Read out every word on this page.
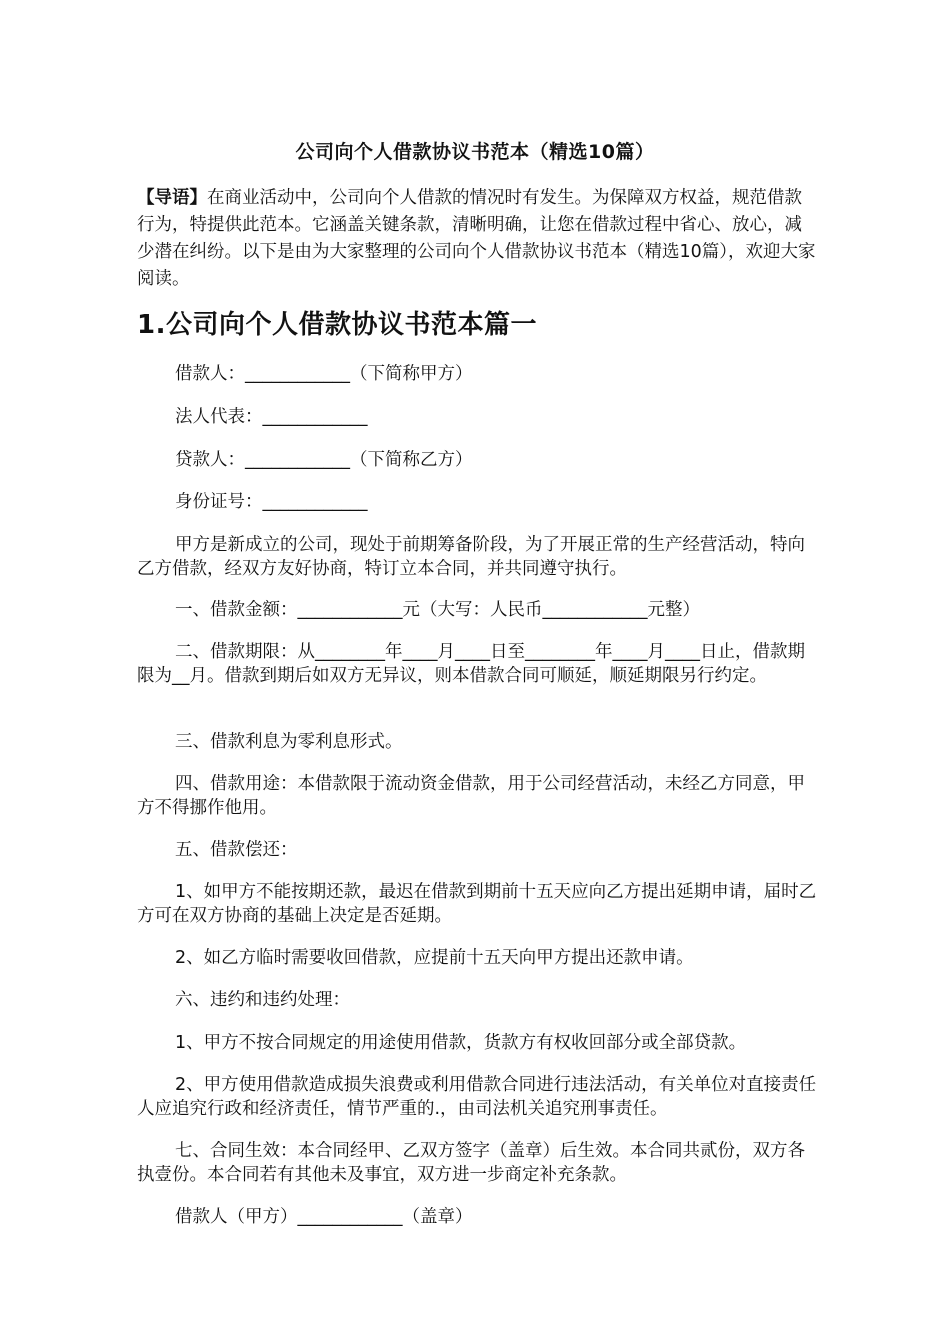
公司向个人借款协议书范本（精选10篇）
【导语】在商业活动中，公司向个人借款的情况时有发生。为保障双方权益，规范借款行为，特提供此范本。它涵盖关键条款，清晰明确，让您在借款过程中省心、放心，减少潜在纠纷。以下是由为大家整理的公司向个人借款协议书范本（精选10篇），欢迎大家阅读。
1.公司向个人借款协议书范本篇一

借款人：____________（下简称甲方）

法人代表：____________

贷款人：____________（下简称乙方）

身份证号：____________

甲方是新成立的公司，现处于前期筹备阶段，为了开展正常的生产经营活动，特向乙方借款，经双方友好协商，特订立本合同，并共同遵守执行。

一、借款金额：____________元（大写：人民币____________元整）

二、借款期限：从________年____月____日至________年____月____日止，借款期限为__月。借款到期后如双方无异议，则本借款合同可顺延，顺延期限另行约定。

三、借款利息为零利息形式。

四、借款用途：本借款限于流动资金借款，用于公司经营活动，未经乙方同意，甲方不得挪作他用。

五、借款偿还：

1、如甲方不能按期还款，最迟在借款到期前十五天应向乙方提出延期申请，届时乙方可在双方协商的基础上决定是否延期。

2、如乙方临时需要收回借款，应提前十五天向甲方提出还款申请。

六、违约和违约处理：

1、甲方不按合同规定的用途使用借款，货款方有权收回部分或全部贷款。

2、甲方使用借款造成损失浪费或利用借款合同进行违法活动，有关单位对直接责任人应追究行政和经济责任，情节严重的.，由司法机关追究刑事责任。

七、合同生效：本合同经甲、乙双方签字（盖章）后生效。本合同共贰份，双方各执壹份。本合同若有其他未及事宜，双方进一步商定补充条款。

借款人（甲方）____________（盖章）
